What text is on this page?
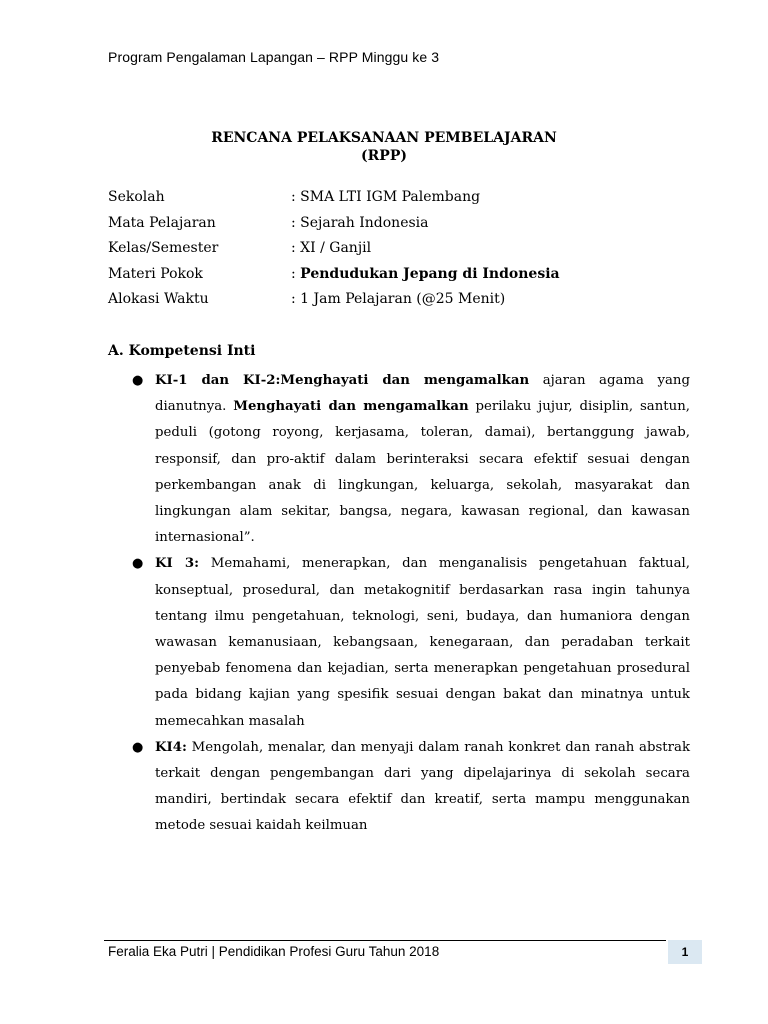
Program Pengalaman Lapangan – RPP Minggu ke 3
RENCANA PELAKSANAAN PEMBELAJARAN
(RPP)
Sekolah	: SMA LTI IGM Palembang
Mata Pelajaran	: Sejarah Indonesia
Kelas/Semester	: XI / Ganjil
Materi Pokok	: Pendudukan Jepang di Indonesia
Alokasi Waktu	: 1 Jam Pelajaran (@25 Menit)
A. Kompetensi Inti
● KI-1 dan KI-2:Menghayati dan mengamalkan ajaran agama yang dianutnya. Menghayati dan mengamalkan perilaku jujur, disiplin, santun, peduli (gotong royong, kerjasama, toleran, damai), bertanggung jawab, responsif, dan pro-aktif dalam berinteraksi secara efektif sesuai dengan perkembangan anak di lingkungan, keluarga, sekolah, masyarakat dan lingkungan alam sekitar, bangsa, negara, kawasan regional, dan kawasan internasional”.
● KI 3: Memahami, menerapkan, dan menganalisis pengetahuan faktual, konseptual, prosedural, dan metakognitif berdasarkan rasa ingin tahunya tentang ilmu pengetahuan, teknologi, seni, budaya, dan humaniora dengan wawasan kemanusiaan, kebangsaan, kenegaraan, dan peradaban terkait penyebab fenomena dan kejadian, serta menerapkan pengetahuan prosedural pada bidang kajian yang spesifik sesuai dengan bakat dan minatnya untuk memecahkan masalah
● KI4: Mengolah, menalar, dan menyaji dalam ranah konkret dan ranah abstrak terkait dengan pengembangan dari yang dipelajarinya di sekolah secara mandiri, bertindak secara efektif dan kreatif, serta mampu menggunakan metode sesuai kaidah keilmuan
Feralia Eka Putri | Pendidikan Profesi Guru Tahun 2018	1
